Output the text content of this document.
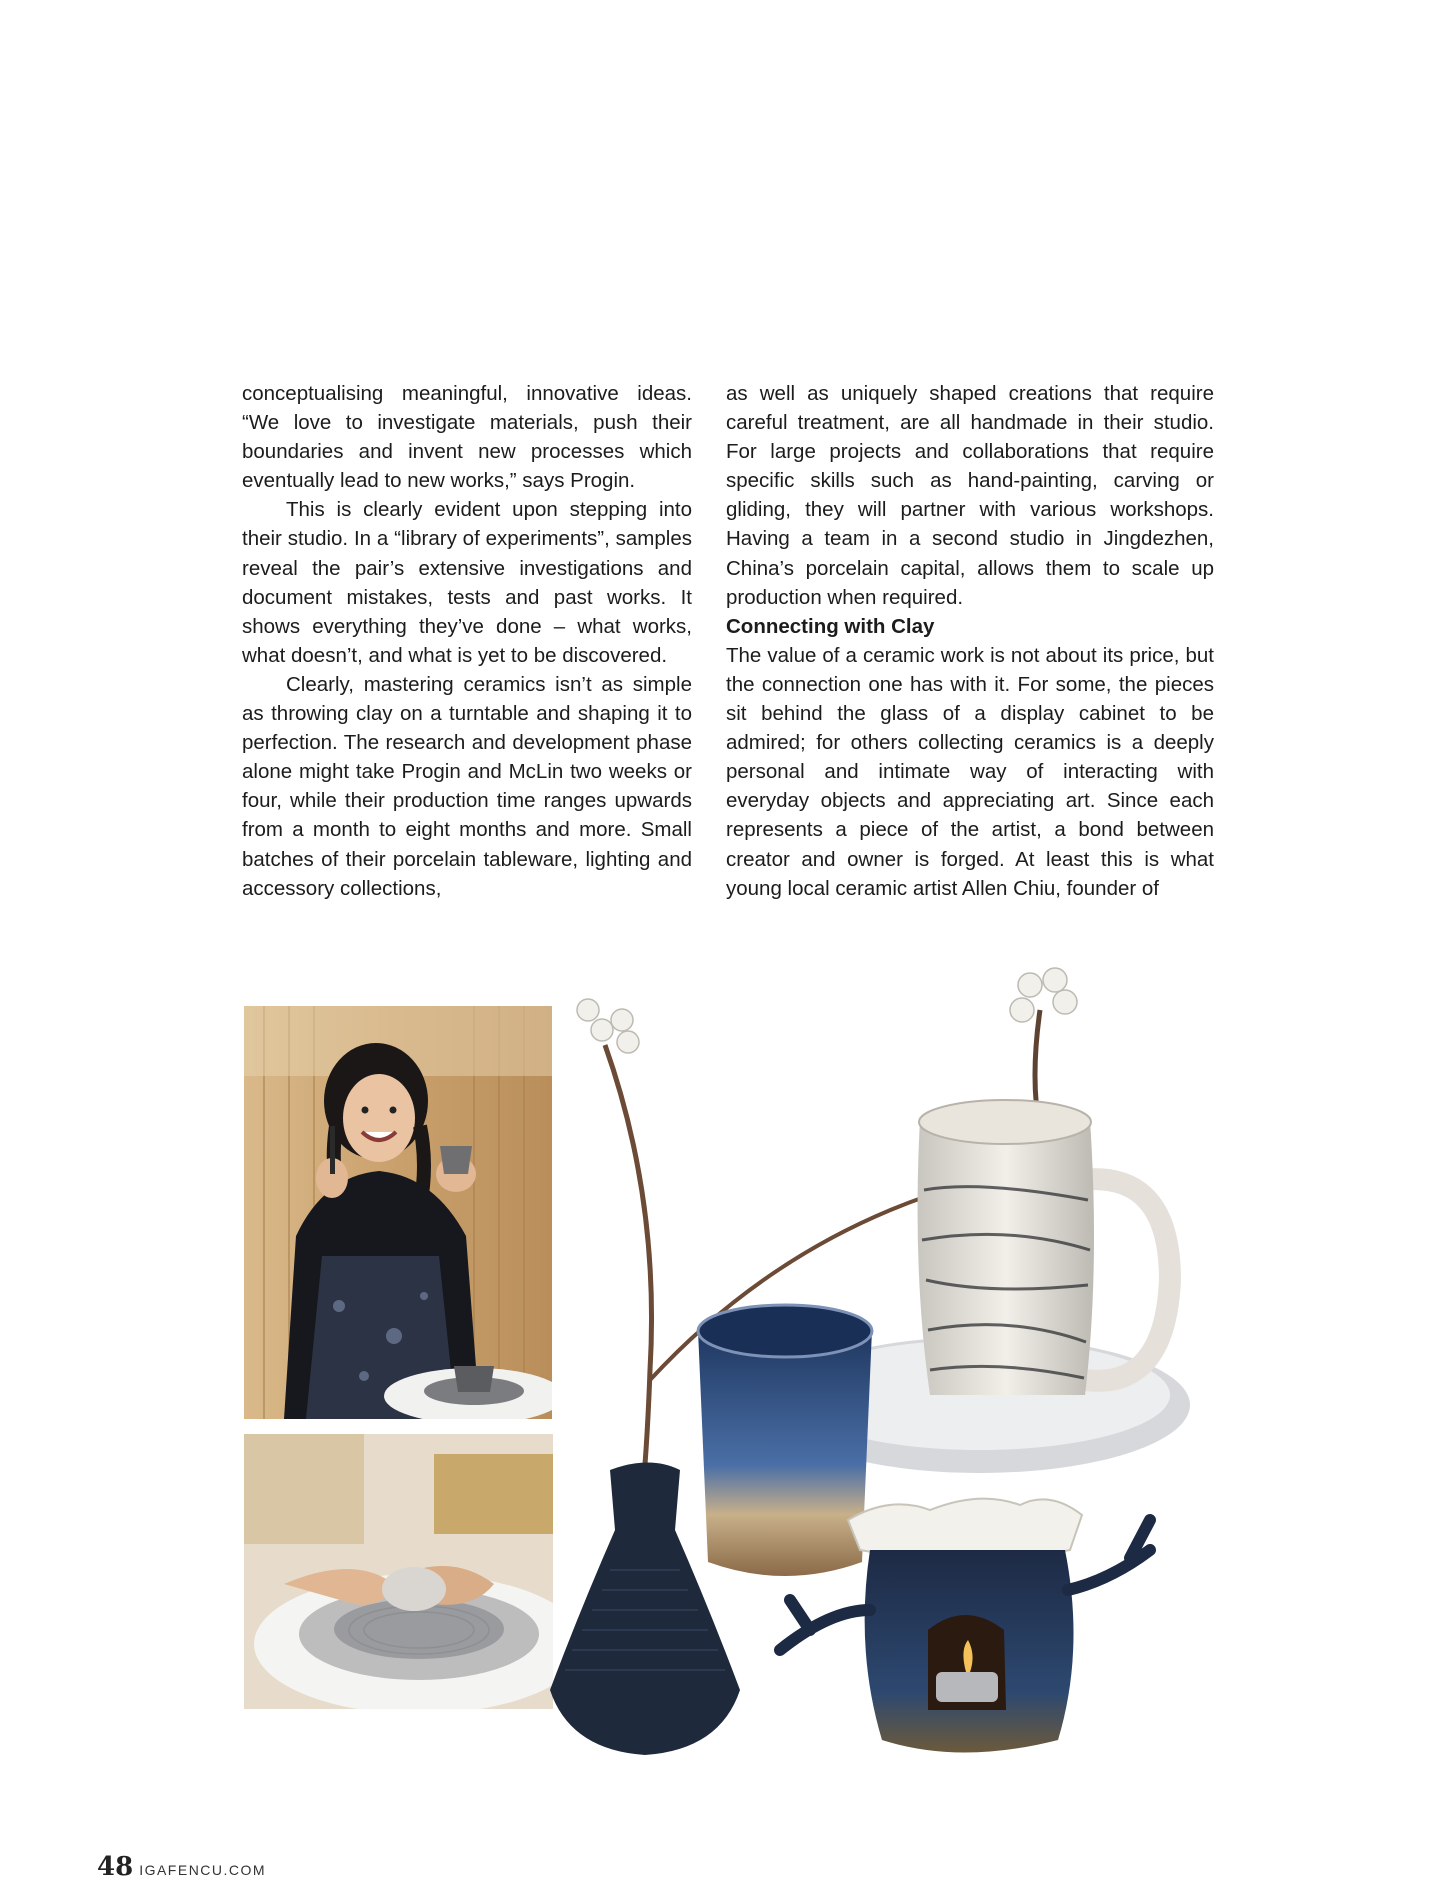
conceptualising meaningful, innovative ideas. “We love to investigate materials, push their boundaries and invent new processes which eventually lead to new works,” says Progin.

This is clearly evident upon stepping into their studio. In a “library of experiments”, samples reveal the pair’s extensive investigations and document mistakes, tests and past works. It shows everything they’ve done – what works, what doesn’t, and what is yet to be discovered.

Clearly, mastering ceramics isn’t as simple as throwing clay on a turntable and shaping it to perfection. The research and development phase alone might take Progin and McLin two weeks or four, while their production time ranges upwards from a month to eight months and more. Small batches of their porcelain tableware, lighting and accessory collections,

as well as uniquely shaped creations that require careful treatment, are all handmade in their studio. For large projects and collaborations that require specific skills such as hand-painting, carving or gliding, they will partner with various workshops. Having a team in a second studio in Jingdezhen, China’s porcelain capital, allows them to scale up production when required.

Connecting with Clay

The value of a ceramic work is not about its price, but the connection one has with it. For some, the pieces sit behind the glass of a display cabinet to be admired; for others collecting ceramics is a deeply personal and intimate way of interacting with everyday objects and appreciating art. Since each represents a piece of the artist, a bond between creator and owner is forged. At least this is what young local ceramic artist Allen Chiu, founder of

48 IGAFENCU.COM
